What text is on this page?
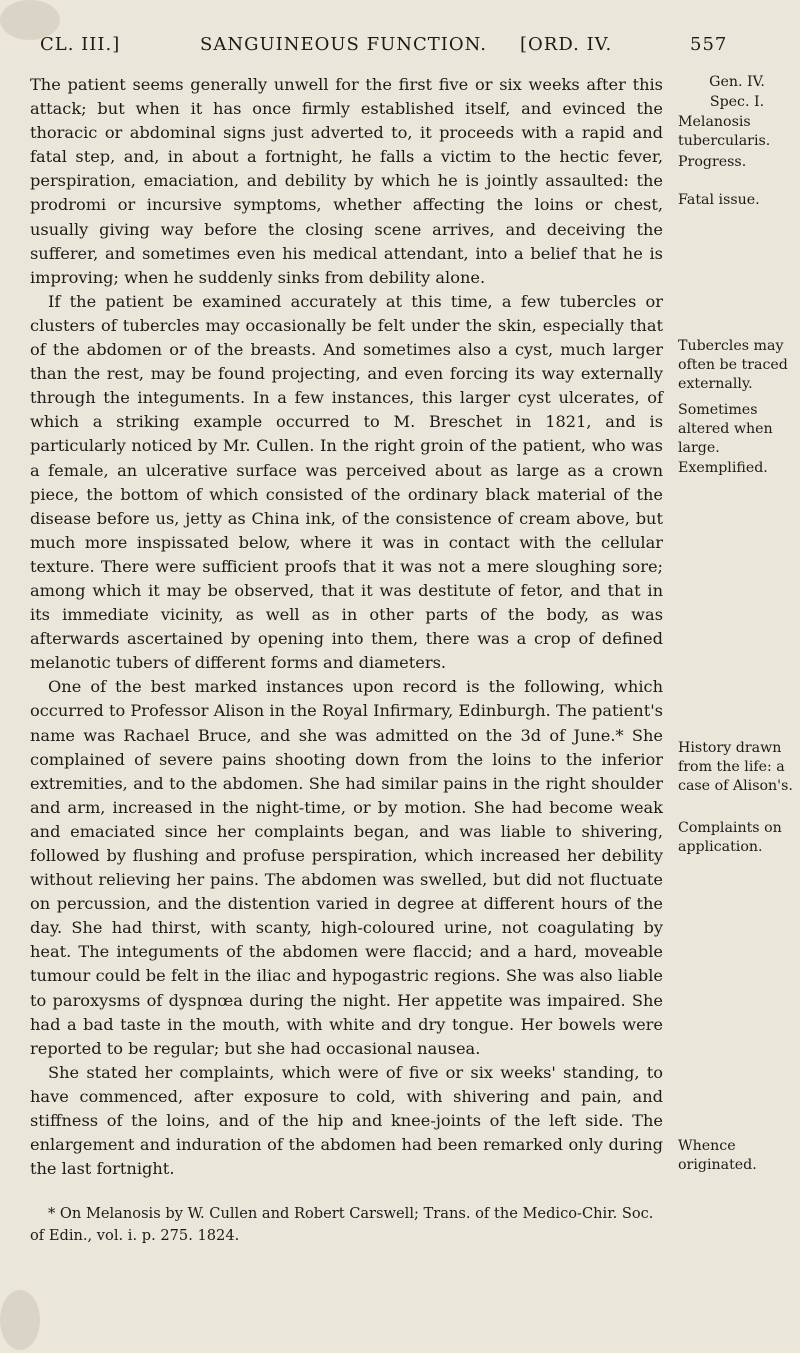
CL. III.]	SANGUINEOUS FUNCTION. [ORD. IV.	557

The patient seems generally unwell for the first five or six weeks after this attack; but when it has once firmly established itself, and evinced the thoracic or abdominal signs just adverted to, it proceeds with a rapid and fatal step, and, in about a fortnight, he falls a victim to the hectic fever, perspiration, emaciation, and debility by which he is jointly assaulted: the prodromi or incursive symptoms, whether affecting the loins or chest, usually giving way before the closing scene arrives, and deceiving the sufferer, and sometimes even his medical attendant, into a belief that he is improving; when he suddenly sinks from debility alone.

If the patient be examined accurately at this time, a few tubercles or clusters of tubercles may occasionally be felt under the skin, especially that of the abdomen or of the breasts. And sometimes also a cyst, much larger than the rest, may be found projecting, and even forcing its way externally through the integuments. In a few instances, this larger cyst ulcerates, of which a striking example occurred to M. Breschet in 1821, and is particularly noticed by Mr. Cullen. In the right groin of the patient, who was a female, an ulcerative surface was perceived about as large as a crown piece, the bottom of which consisted of the ordinary black material of the disease before us, jetty as China ink, of the consistence of cream above, but much more inspissated below, where it was in contact with the cellular texture. There were sufficient proofs that it was not a mere sloughing sore; among which it may be observed, that it was destitute of fetor, and that in its immediate vicinity, as well as in other parts of the body, as was afterwards ascertained by opening into them, there was a crop of defined melanotic tubers of different forms and diameters.

One of the best marked instances upon record is the following, which occurred to Professor Alison in the Royal Infirmary, Edinburgh. The patient's name was Rachael Bruce, and she was admitted on the 3d of June.* She complained of severe pains shooting down from the loins to the inferior extremities, and to the abdomen. She had similar pains in the right shoulder and arm, increased in the night-time, or by motion. She had become weak and emaciated since her complaints began, and was liable to shivering, followed by flushing and profuse perspiration, which increased her debility without relieving her pains. The abdomen was swelled, but did not fluctuate on percussion, and the distention varied in degree at different hours of the day. She had thirst, with scanty, high-coloured urine, not coagulating by heat. The integuments of the abdomen were flaccid; and a hard, moveable tumour could be felt in the iliac and hypogastric regions. She was also liable to paroxysms of dyspnœa during the night. Her appetite was impaired. She had a bad taste in the mouth, with white and dry tongue. Her bowels were reported to be regular; but she had occasional nausea.

She stated her complaints, which were of five or six weeks' standing, to have commenced, after exposure to cold, with shivering and pain, and stiffness of the loins, and of the hip and knee-joints of the left side. The enlargement and induration of the abdomen had been remarked only during the last fortnight.

* On Melanosis by W. Cullen and Robert Carswell; Trans. of the Medico-Chir. Soc. of Edin., vol. i. p. 275. 1824.
Gen. IV.
Spec. I.
Melanosis tubercularis.
Progress.
Fatal issue.
Tubercles may often be traced externally.
Sometimes altered when large.
Exemplified.
History drawn from the life: a case of Alison's.
Complaints on application.
Whence originated.
